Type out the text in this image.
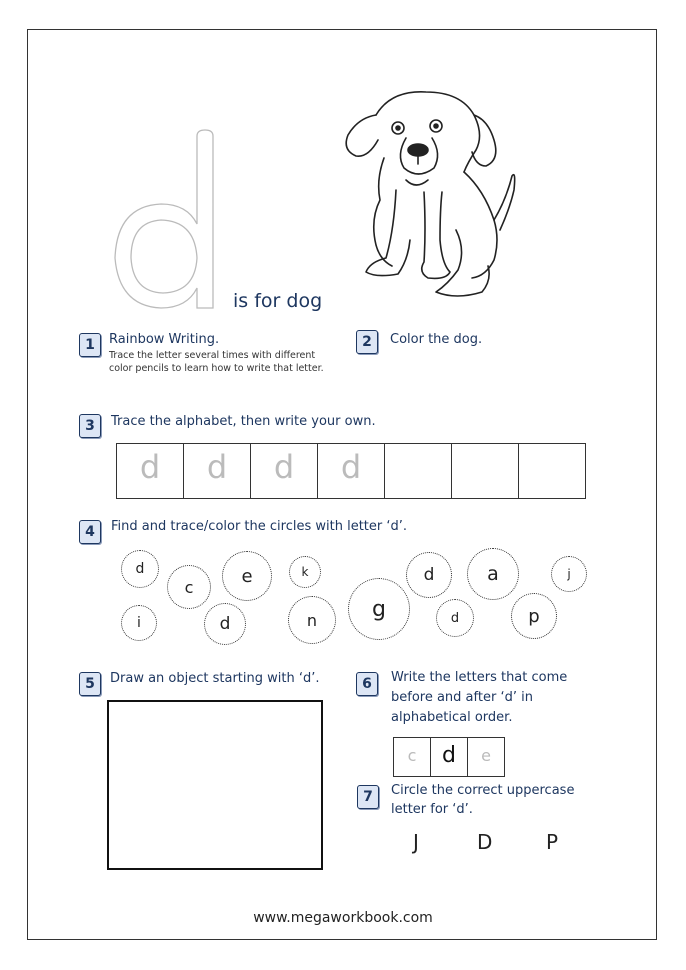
is for dog
1	Rainbow Writing.
Trace the letter several times with different
color pencils to learn how to write that letter.
2	Color the dog.
3	Trace the alphabet, then write your own.
d	d	d	d
4	Find and trace/color the circles with letter ‘d’.
d
c
e	k
i	d	n	g
d	a	j
d	p
5	Draw an object starting with ‘d’.	6	Write the letters that come
before and after ‘d’ in
alphabetical order.
c	d	e
7	Circle the correct uppercase
letter for ‘d’.
J	D	P
www.megaworkbook.com
